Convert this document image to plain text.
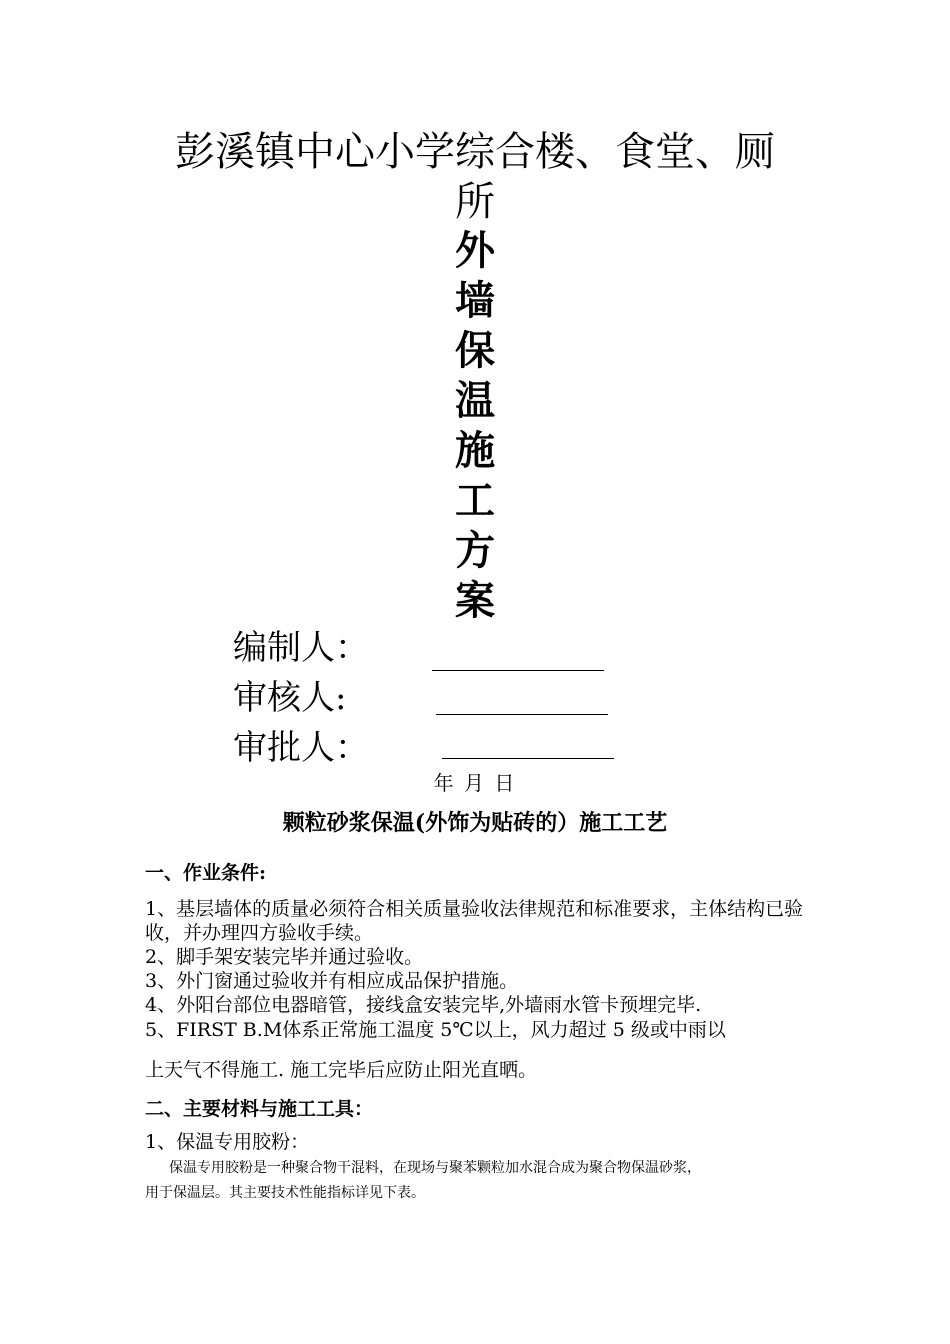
彭溪镇中心小学综合楼、食堂、厕
所
外
墙
保
温
施
工
方
案
编制人：
审核人:
审批人：
年 月 日
颗粒砂浆保温(外饰为贴砖的）施工工艺
一、作业条件:
1、基层墙体的质量必须符合相关质量验收法律规范和标准要求，主体结构已验收，并办理四方验收手续。
2、脚手架安装完毕并通过验收。
3、外门窗通过验收并有相应成品保护措施。
4、外阳台部位电器暗管，接线盒安装完毕,外墙雨水管卡预埋完毕.
5、FIRST B.M体系正常施工温度 5℃以上，风力超过 5 级或中雨以
上天气不得施工. 施工完毕后应防止阳光直晒。
二、主要材料与施工工具：
1、保温专用胶粉：
保温专用胶粉是一种聚合物干混料，在现场与聚苯颗粒加水混合成为聚合物保温砂浆，
用于保温层。其主要技术性能指标详见下表。
